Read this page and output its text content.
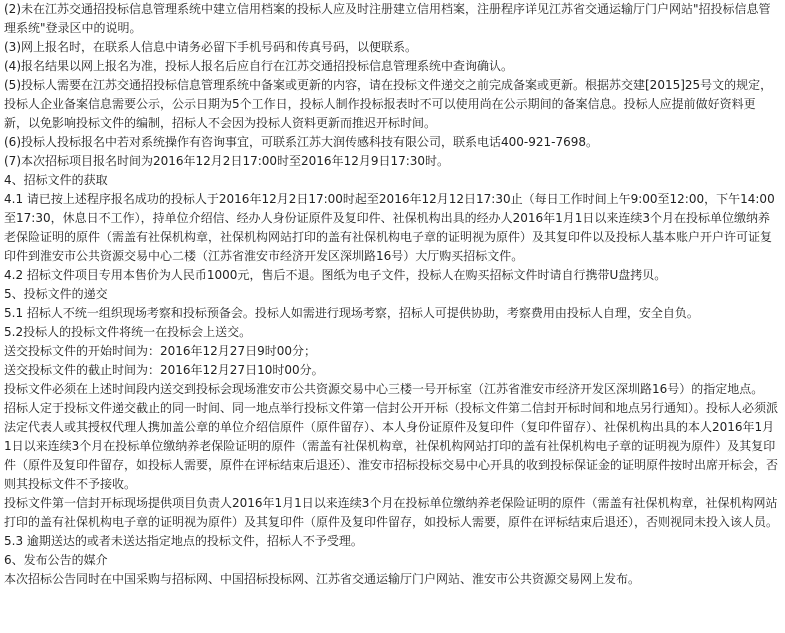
(2)未在江苏交通招投标信息管理系统中建立信用档案的投标人应及时注册建立信用档案，注册程序详见江苏省交通运输厅门户网站"招投标信息管理系统"登录区中的说明。

(3)网上报名时，在联系人信息中请务必留下手机号码和传真号码，以便联系。

(4)报名结果以网上报名为准，投标人报名后应自行在江苏交通招投标信息管理系统中查询确认。

(5)投标人需要在江苏交通招投标信息管理系统中备案或更新的内容，请在投标文件递交之前完成备案或更新。根据苏交建[2015]25号文的规定，投标人企业备案信息需要公示，公示日期为5个工作日，投标人制作投标报表时不可以使用尚在公示期间的备案信息。投标人应提前做好资料更新，以免影响投标文件的编制，招标人不会因为投标人资料更新而推迟开标时间。

(6)投标人投标报名中若对系统操作有咨询事宜，可联系江苏大润传感科技有限公司，联系电话400-921-7698。

(7)本次招标项目报名时间为2016年12月2日17:00时至2016年12月9日17:30时。

4、招标文件的获取

4.1 请已按上述程序报名成功的投标人于2016年12月2日17:00时起至2016年12月12日17:30止（每日工作时间上午9:00至12:00，下午14:00至17:30，休息日不工作），持单位介绍信、经办人身份证原件及复印件、社保机构出具的经办人2016年1月1日以来连续3个月在投标单位缴纳养老保险证明的原件（需盖有社保机构章，社保机构网站打印的盖有社保机构电子章的证明视为原件）及其复印件以及投标人基本账户开户许可证复印件到淮安市公共资源交易中心二楼（江苏省淮安市经济开发区深圳路16号）大厅购买招标文件。

4.2 招标文件项目专用本售价为人民币1000元，售后不退。图纸为电子文件，投标人在购买招标文件时请自行携带U盘拷贝。

5、投标文件的递交

5.1 招标人不统一组织现场考察和投标预备会。投标人如需进行现场考察，招标人可提供协助，考察费用由投标人自理，安全自负。

5.2投标人的投标文件将统一在投标会上送交。

送交投标文件的开始时间为：2016年12月27日9时00分；

送交投标文件的截止时间为：2016年12月27日10时00分。

投标文件必须在上述时间段内送交到投标会现场淮安市公共资源交易中心三楼一号开标室（江苏省淮安市经济开发区深圳路16号）的指定地点。

招标人定于投标文件递交截止的同一时间、同一地点举行投标文件第一信封公开开标（投标文件第二信封开标时间和地点另行通知）。投标人必须派法定代表人或其授权代理人携加盖公章的单位介绍信原件（原件留存）、本人身份证原件及复印件（复印件留存）、社保机构出具的本人2016年1月1日以来连续3个月在投标单位缴纳养老保险证明的原件（需盖有社保机构章，社保机构网站打印的盖有社保机构电子章的证明视为原件）及其复印件（原件及复印件留存，如投标人需要，原件在评标结束后退还）、淮安市招标投标交易中心开具的收到投标保证金的证明原件按时出席开标会，否则其投标文件不予接收。

投标文件第一信封开标现场提供项目负责人2016年1月1日以来连续3个月在投标单位缴纳养老保险证明的原件（需盖有社保机构章，社保机构网站打印的盖有社保机构电子章的证明视为原件）及其复印件（原件及复印件留存，如投标人需要，原件在评标结束后退还），否则视同未投入该人员。

5.3 逾期送达的或者未送达指定地点的投标文件，招标人不予受理。

6、发布公告的媒介

本次招标公告同时在中国采购与招标网、中国招标投标网、江苏省交通运输厅门户网站、淮安市公共资源交易网上发布。
